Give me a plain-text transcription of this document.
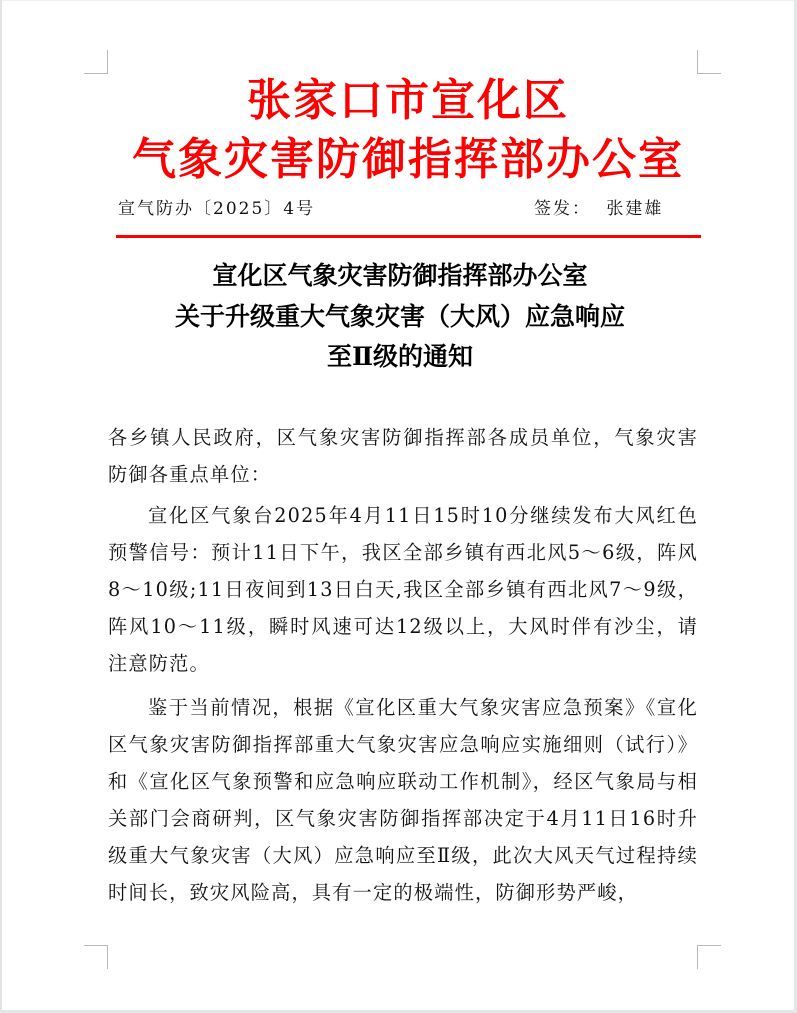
张家口市宣化区
气象灾害防御指挥部办公室
宣气防办〔2025〕4号	签发： 张建雄
宣化区气象灾害防御指挥部办公室
关于升级重大气象灾害（大风）应急响应
至Ⅱ级的通知

各乡镇人民政府，区气象灾害防御指挥部各成员单位，气象灾害防御各重点单位：

宣化区气象台2025年4月11日15时10分继续发布大风红色预警信号：预计11日下午，我区全部乡镇有西北风5～6级，阵风8～10级;11日夜间到13日白天,我区全部乡镇有西北风7～9级，阵风10～11级，瞬时风速可达12级以上，大风时伴有沙尘，请注意防范。

鉴于当前情况，根据《宣化区重大气象灾害应急预案》《宣化区气象灾害防御指挥部重大气象灾害应急响应实施细则（试行）》和《宣化区气象预警和应急响应联动工作机制》，经区气象局与相关部门会商研判，区气象灾害防御指挥部决定于4月11日16时升级重大气象灾害（大风）应急响应至Ⅱ级，此次大风天气过程持续时间长，致灾风险高，具有一定的极端性，防御形势严峻，
